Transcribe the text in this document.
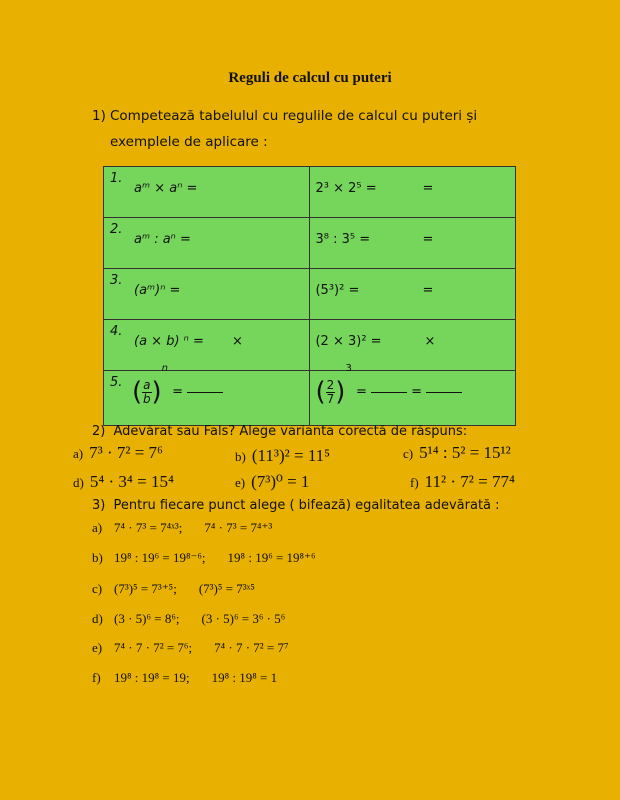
Reguli de calcul cu puteri
1) Competează tabelulul cu regulile de calcul cu puteri și exemplele de aplicare :
1.
aᵐ × aⁿ =	2³ × 2⁵ = =

2.
aᵐ : aⁿ =	3⁸ : 3⁵ = =

3.
(aᵐ)ⁿ =	(5³)² = =

4.
(a × b) ⁿ = ×	(2 × 3)² = ×

5. ( $\frac{a}{b} )^n$ =	( $\frac{2}{7} )^3$ = =
2) Adevărat sau Fals? Alege varianta corectă de răspuns:
a) 7³ · 7² = 7⁶	b) (11³)² = 11⁵	c) 5¹⁴ : 5² = 15¹²
d) 5⁴ · 3⁴ = 15⁴	e) (7³)⁰ = 1	f) 11² · 7² = 77⁴
3) Pentru fiecare punct alege ( bifează) egalitatea adevărată :
a) 7⁴ · 7³ = 7⁴ˣ³; 7⁴ · 7³ = 7⁴⁺³
b) 19⁸ : 19⁶ = 19⁸⁻⁶; 19⁸ : 19⁶ = 19⁸⁺⁶
c) (7³)⁵ = 7³⁺⁵; (7³)⁵ = 7³ˣ⁵
d) (3 · 5)⁶ = 8⁶; (3 · 5)⁶ = 3⁶ · 5⁶
e) 7⁴ · 7 · 7² = 7⁶; 7⁴ · 7 · 7² = 7⁷
f) 19⁸ : 19⁸ = 19; 19⁸ : 19⁸ = 1
